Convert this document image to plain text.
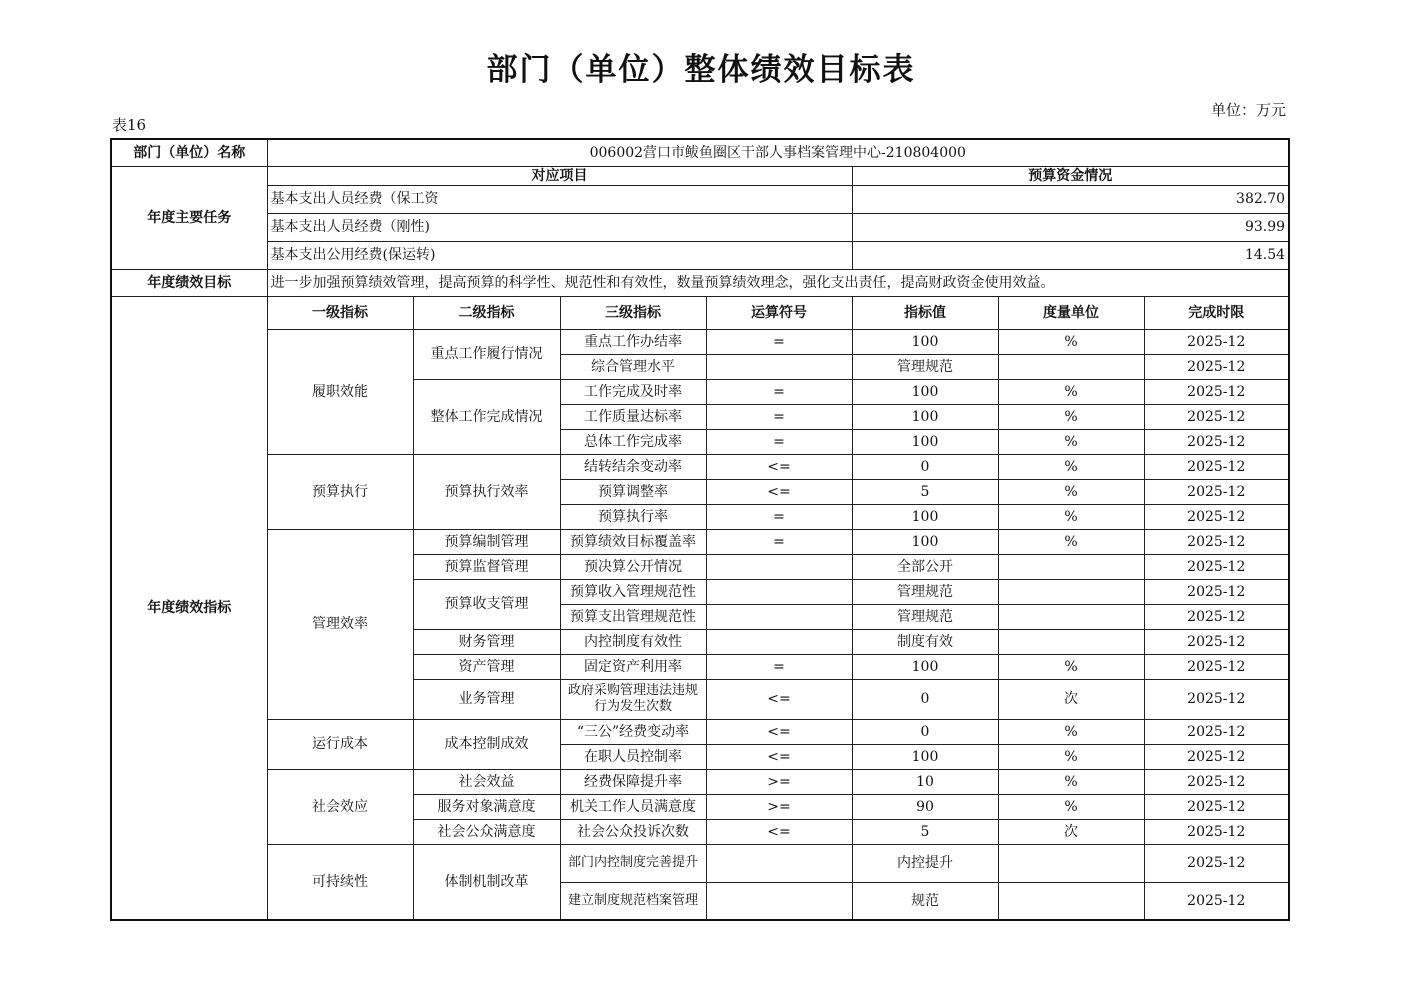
部门（单位）整体绩效目标表
表16
单位：万元
部门（单位）名称	006002营口市鲅鱼圈区干部人事档案管理中心-210804000						
年度主要任务	对应项目				预算资金情况		
	基本支出人员经费（保工资				382.70		
	基本支出人员经费（刚性)				93.99		
	基本支出公用经费(保运转)				14.54		
年度绩效目标	进一步加强预算绩效管理，提高预算的科学性、规范性和有效性，数量预算绩效理念，强化支出责任，提高财政资金使用效益。						
年度绩效指标	一级指标	二级指标	三级指标	运算符号	指标值	度量单位	完成时限
	履职效能	重点工作履行情况	重点工作办结率	=	100	%	2025-12
			综合管理水平		管理规范		2025-12
		整体工作完成情况	工作完成及时率	=	100	%	2025-12
			工作质量达标率	=	100	%	2025-12
			总体工作完成率	=	100	%	2025-12
	预算执行	预算执行效率	结转结余变动率	<=	0	%	2025-12
			预算调整率	<=	5	%	2025-12
			预算执行率	=	100	%	2025-12
	管理效率	预算编制管理	预算绩效目标覆盖率	=	100	%	2025-12
		预算监督管理	预决算公开情况		全部公开		2025-12
		预算收支管理	预算收入管理规范性		管理规范		2025-12
			预算支出管理规范性		管理规范		2025-12
		财务管理	内控制度有效性		制度有效		2025-12
		资产管理	固定资产利用率	=	100	%	2025-12
		业务管理	政府采购管理违法违规行为发生次数	<=	0	次	2025-12
	运行成本	成本控制成效	“三公”经费变动率	<=	0	%	2025-12
			在职人员控制率	<=	100	%	2025-12
	社会效应	社会效益	经费保障提升率	>=	10	%	2025-12
		服务对象满意度	机关工作人员满意度	>=	90	%	2025-12
		社会公众满意度	社会公众投诉次数	<=	5	次	2025-12
	可持续性	体制机制改革	部门内控制度完善提升		内控提升		2025-12
			建立制度规范档案管理		规范		2025-12
